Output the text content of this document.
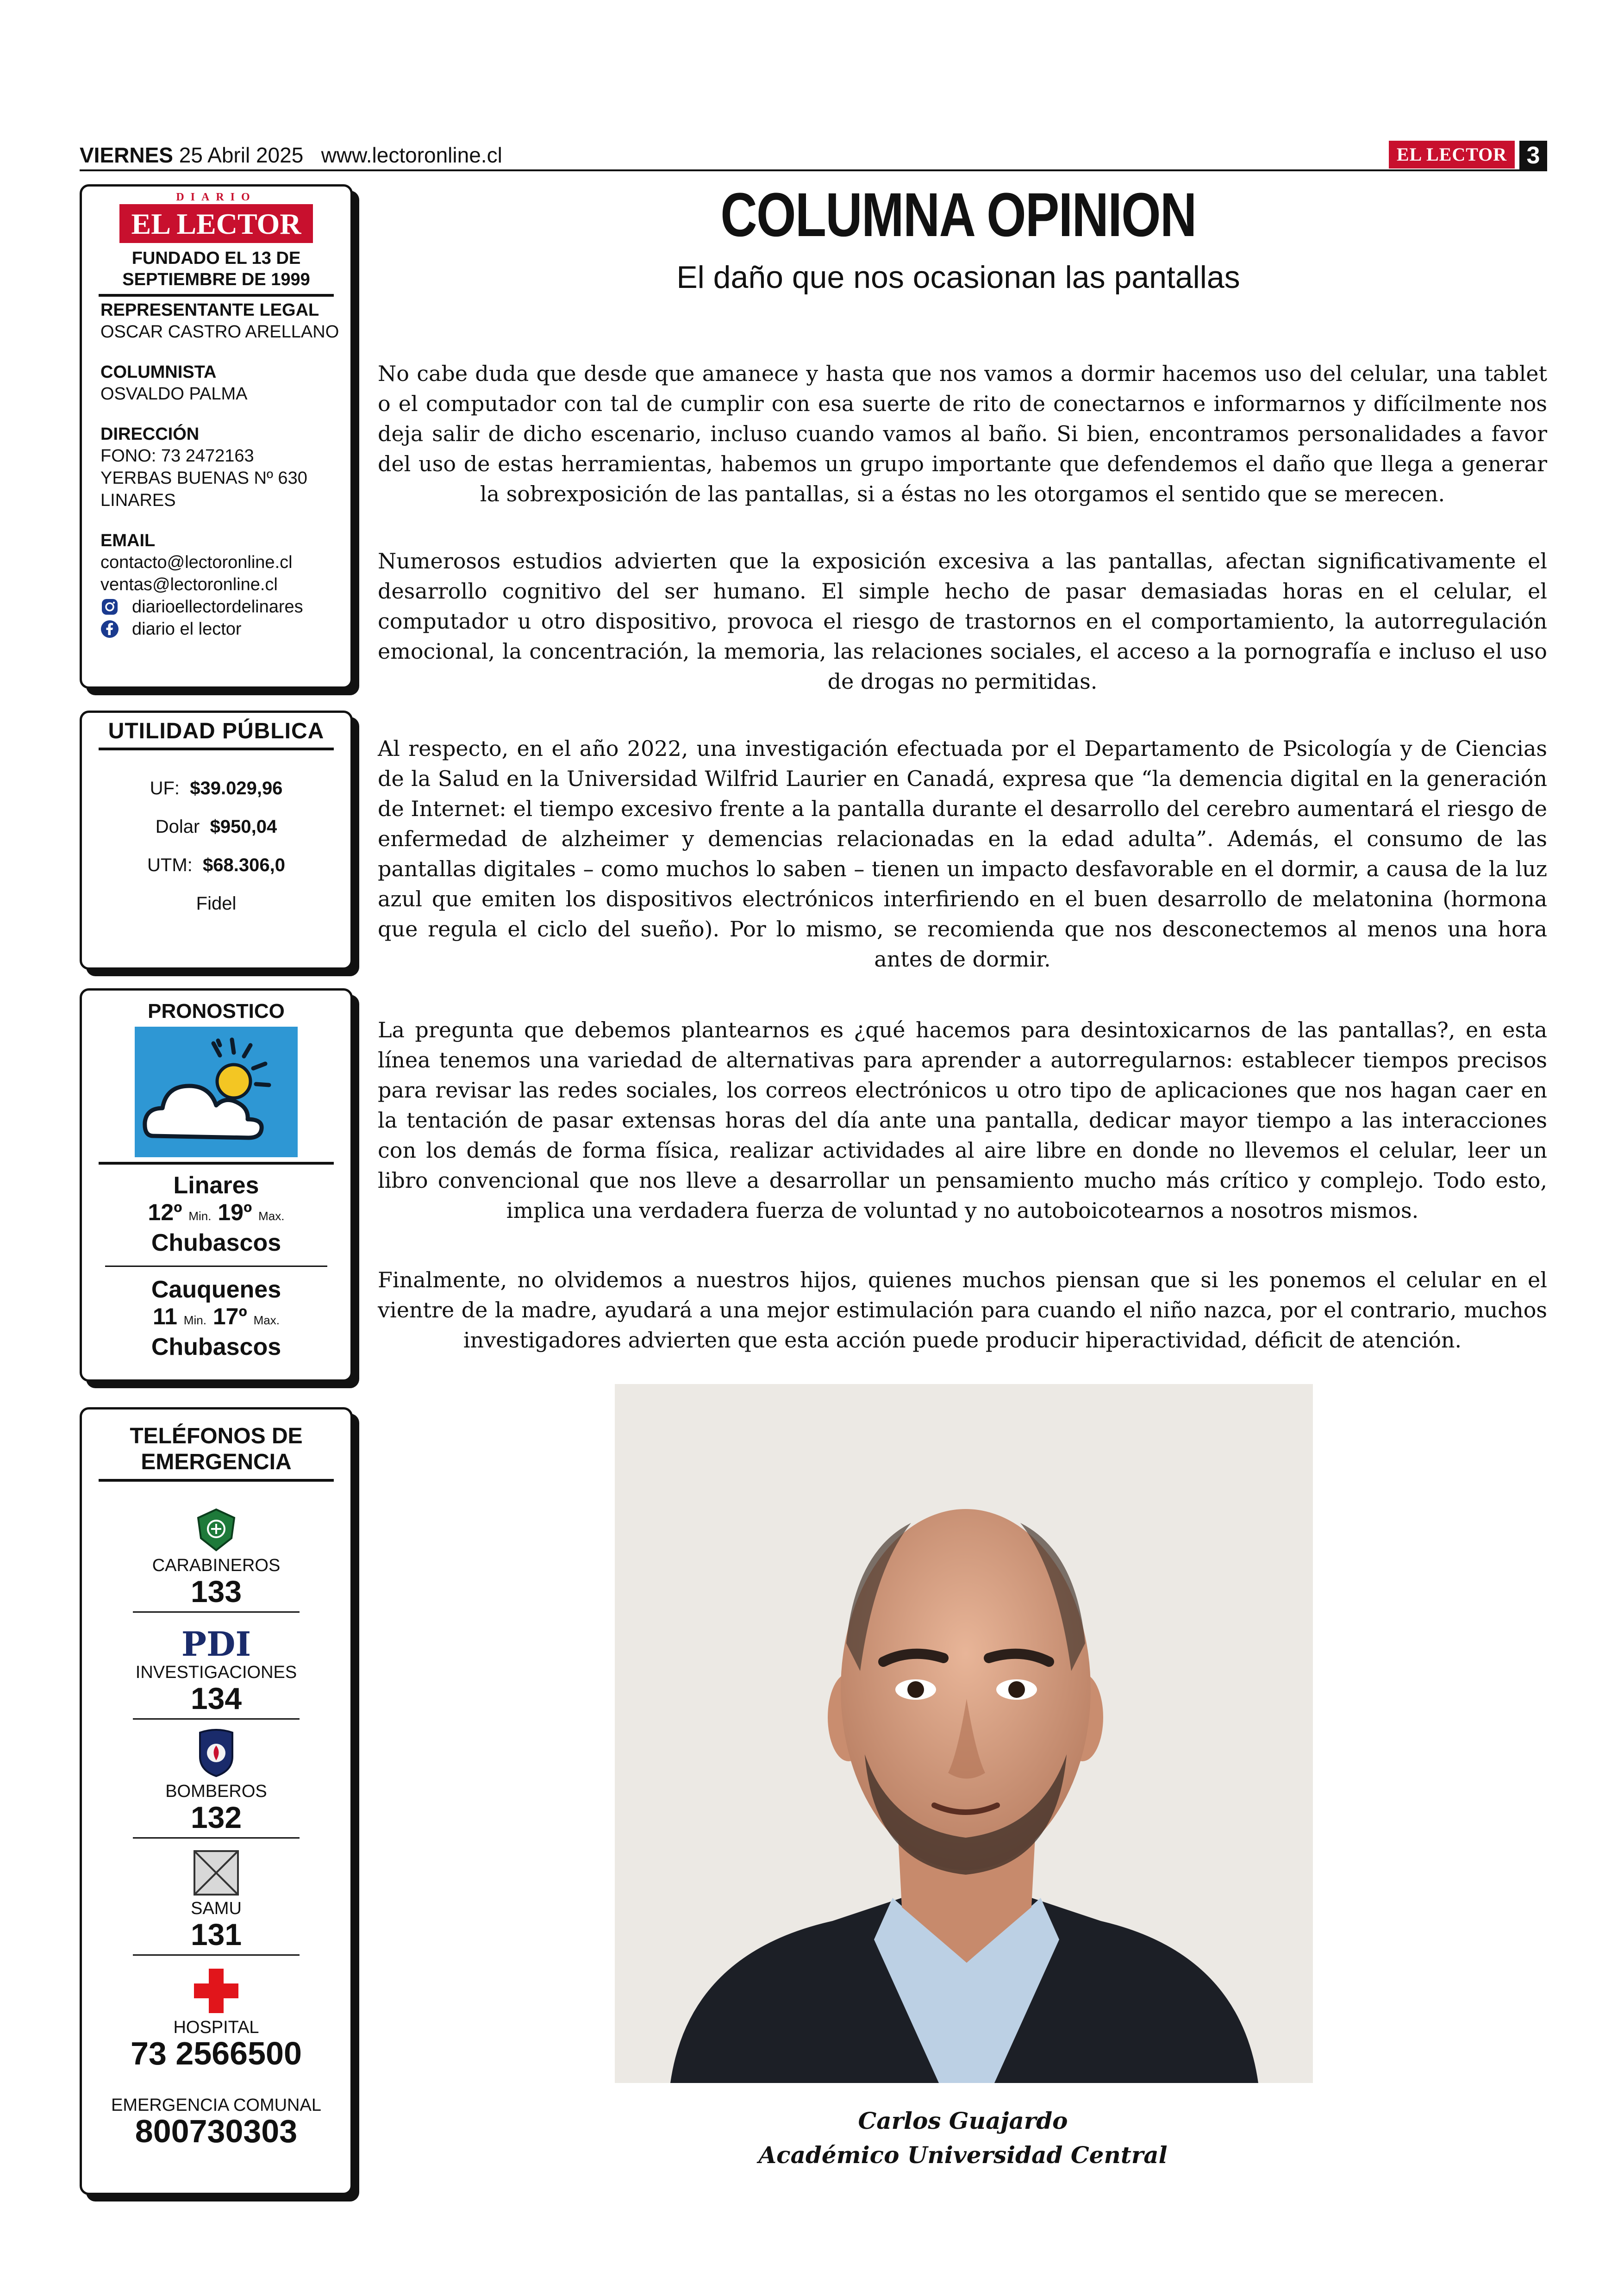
VIERNES 25 Abril 2025 www.lectoronline.cl	EL LECTOR 3
DIARIO
EL LECTOR
FUNDADO EL 13 DE
SEPTIEMBRE DE 1999
REPRESENTANTE LEGAL
OSCAR CASTRO ARELLANO
COLUMNISTA
OSVALDO PALMA
DIRECCIÓN
FONO: 73 2472163
YERBAS BUENAS Nº 630
LINARES
EMAIL
contacto@lectoronline.cl
ventas@lectoronline.cl
diarioellectordelinares
diario el lector
UTILIDAD PÚBLICA
UF: $39.029,96
Dolar $950,04
UTM: $68.306,0
Fidel
PRONOSTICO
Linares
12º Min. 19º Max.
Chubascos
Cauquenes
11 Min. 17º Max.
Chubascos
TELÉFONOS DE
EMERGENCIA
CARABINEROS
133
PDI
INVESTIGACIONES
134
BOMBEROS
132
SAMU
131
HOSPITAL
73 2566500
EMERGENCIA COMUNAL
800730303
COLUMNA OPINION
El daño que nos ocasionan las pantallas
No cabe duda que desde que amanece y hasta que nos vamos a dormir hacemos uso del celular, una tablet o el computador con tal de cumplir con esa suerte de rito de conectarnos e informarnos y difícilmente nos deja salir de dicho escenario, incluso cuando vamos al baño. Si bien, encontramos personalidades a favor del uso de estas herramientas, habemos un grupo importante que defendemos el daño que llega a generar la sobrexposición de las pantallas, si a éstas no les otorgamos el sentido que se merecen.
Numerosos estudios advierten que la exposición excesiva a las pantallas, afectan significativamente el desarrollo cognitivo del ser humano. El simple hecho de pasar demasiadas horas en el celular, el computador u otro dispositivo, provoca el riesgo de trastornos en el comportamiento, la autorregulación emocional, la concentración, la memoria, las relaciones sociales, el acceso a la pornografía e incluso el uso de drogas no permitidas.
Al respecto, en el año 2022, una investigación efectuada por el Departamento de Psicología y de Ciencias de la Salud en la Universidad Wilfrid Laurier en Canadá, expresa que “la demencia digital en la generación de Internet: el tiempo excesivo frente a la pantalla durante el desarrollo del cerebro aumentará el riesgo de enfermedad de alzheimer y demencias relacionadas en la edad adulta”. Además, el consumo de las pantallas digitales – como muchos lo saben – tienen un impacto desfavorable en el dormir, a causa de la luz azul que emiten los dispositivos electrónicos interfiriendo en el buen desarrollo de melatonina (hormona que regula el ciclo del sueño). Por lo mismo, se recomienda que nos desconectemos al menos una hora antes de dormir.
La pregunta que debemos plantearnos es ¿qué hacemos para desintoxicarnos de las pantallas?, en esta línea tenemos una variedad de alternativas para aprender a autorregularnos: establecer tiempos precisos para revisar las redes sociales, los correos electrónicos u otro tipo de aplicaciones que nos hagan caer en la tentación de pasar extensas horas del día ante una pantalla, dedicar mayor tiempo a las interacciones con los demás de forma física, realizar actividades al aire libre en donde no llevemos el celular, leer un libro convencional que nos lleve a desarrollar un pensamiento mucho más crítico y complejo. Todo esto, implica una verdadera fuerza de voluntad y no autoboicotearnos a nosotros mismos.
Finalmente, no olvidemos a nuestros hijos, quienes muchos piensan que si les ponemos el celular en el vientre de la madre, ayudará a una mejor estimulación para cuando el niño nazca, por el contrario, muchos investigadores advierten que esta acción puede producir hiperactividad, déficit de atención.
Carlos Guajardo
Académico Universidad Central
